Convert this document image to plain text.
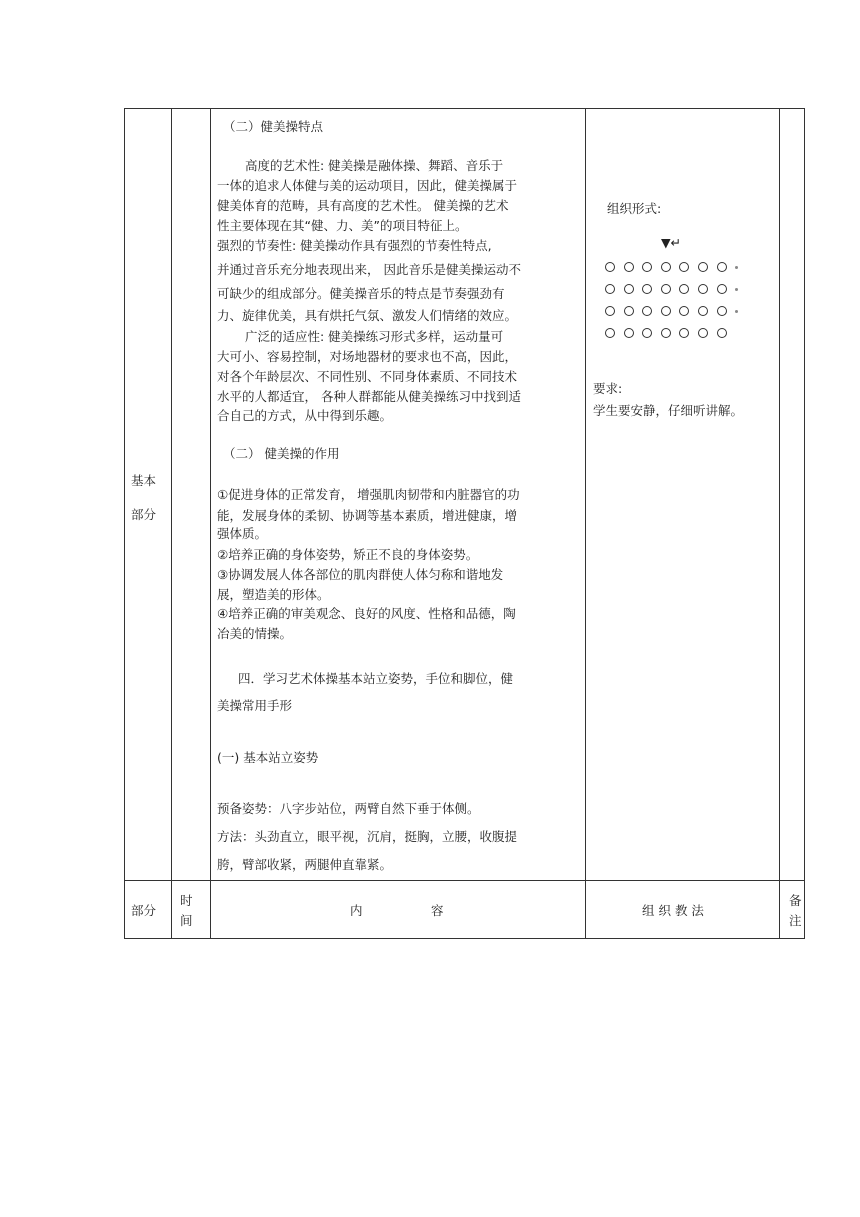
基本
部分
（二）健美操特点
高度的艺术性: 健美操是融体操、舞蹈、音乐于
一体的追求人体健与美的运动项目，因此，健美操属于
健美体育的范畴，具有高度的艺术性。 健美操的艺术
性主要体现在其“健、力、美”的项目特征上。
强烈的节奏性: 健美操动作具有强烈的节奏性特点,
并通过音乐充分地表现出来， 因此音乐是健美操运动不
可缺少的组成部分。健美操音乐的特点是节奏强劲有
力、旋律优美，具有烘托气氛、激发人们情绪的效应。
广泛的适应性: 健美操练习形式多样，运动量可
大可小、容易控制，对场地器材的要求也不高，因此，
对各个年龄层次、不同性别、不同身体素质、不同技术
水平的人都适宜， 各种人群都能从健美操练习中找到适
合自己的方式，从中得到乐趣。
（二） 健美操的作用
①促进身体的正常发育， 增强肌肉韧带和内脏器官的功
能，发展身体的柔韧、协调等基本素质，增进健康，增
强体质。
②培养正确的身体姿势，矫正不良的身体姿势。
③协调发展人体各部位的肌肉群使人体匀称和谐地发
展，塑造美的形体。
④培养正确的审美观念、良好的风度、性格和品德，陶
冶美的情操。
四．学习艺术体操基本站立姿势，手位和脚位，健
美操常用手形
(一) 基本站立姿势
预备姿势：八字步站位，两臂自然下垂于体侧。
方法：头劲直立，眼平视，沉肩，挺胸，立腰，收腹提
胯，臂部收紧，两腿伸直靠紧。
组织形式:
▼↵
要求:
学生要安静，仔细听讲解。
部分
时
间
内	容	组 织 教 法
备
注
